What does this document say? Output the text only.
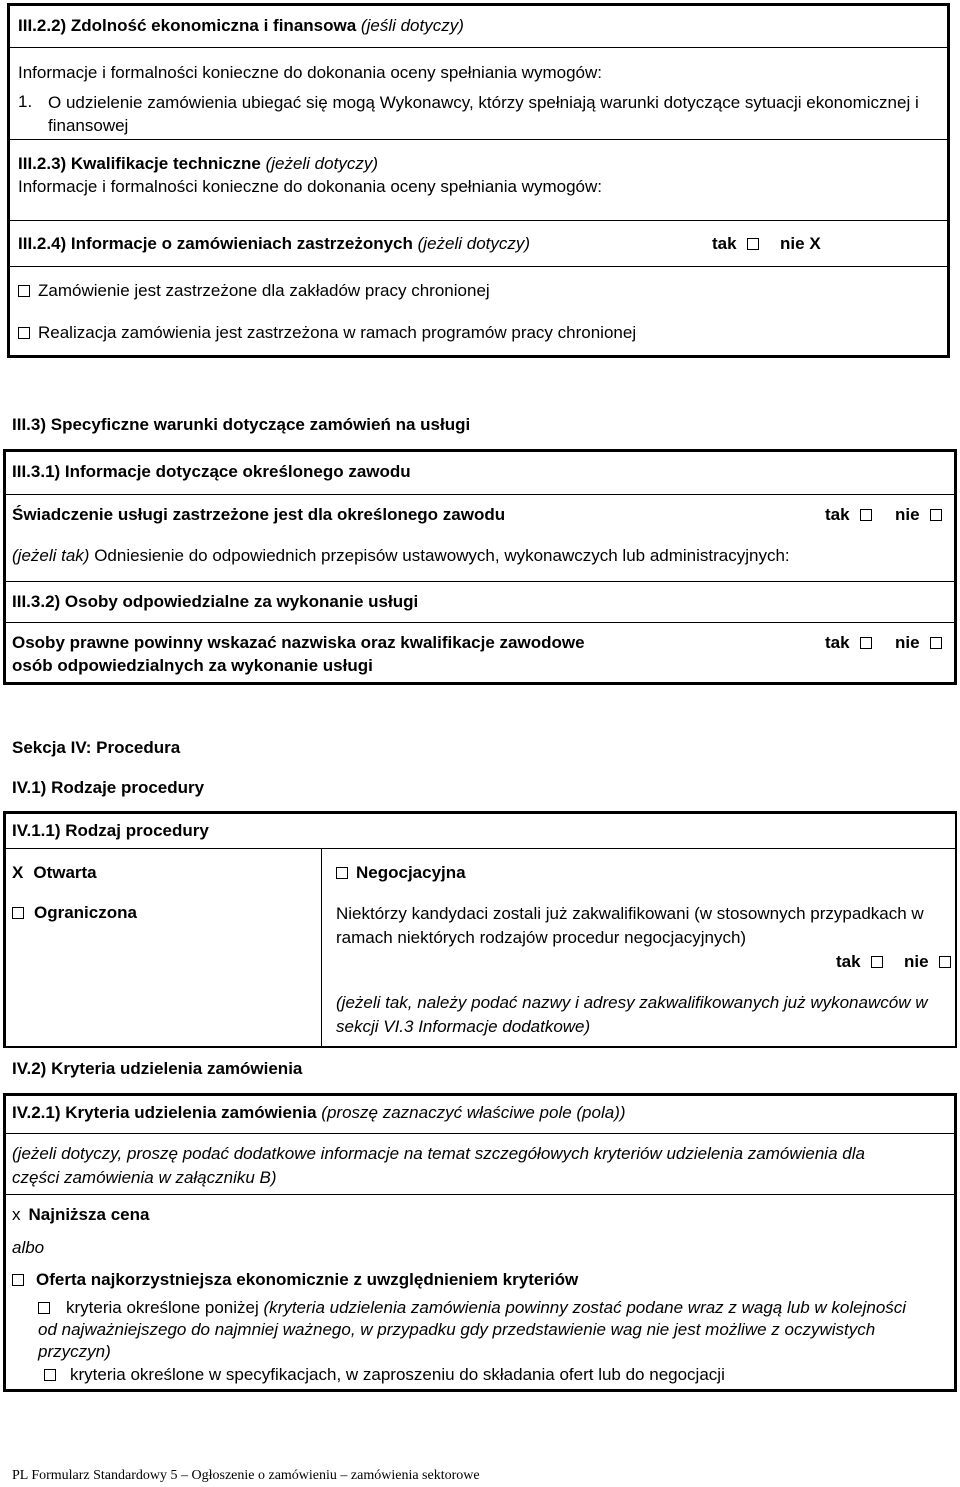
III.2.2) Zdolność ekonomiczna i finansowa (jeśli dotyczy)
Informacje i formalności konieczne do dokonania oceny spełniania wymogów:
1. O udzielenie zamówienia ubiegać się mogą Wykonawcy, którzy spełniają warunki dotyczące sytuacji ekonomicznej i finansowej
III.2.3) Kwalifikacje techniczne (jeżeli dotyczy)
Informacje i formalności konieczne do dokonania oceny spełniania wymogów:
III.2.4) Informacje o zamówieniach zastrzeżonych (jeżeli dotyczy)	tak	nie X
Zamówienie jest zastrzeżone dla zakładów pracy chronionej
Realizacja zamówienia jest zastrzeżona w ramach programów pracy chronionej
III.3) Specyficzne warunki dotyczące zamówień na usługi
III.3.1) Informacje dotyczące określonego zawodu
Świadczenie usługi zastrzeżone jest dla określonego zawodu	tak	nie
(jeżeli tak) Odniesienie do odpowiednich przepisów ustawowych, wykonawczych lub administracyjnych:
III.3.2) Osoby odpowiedzialne za wykonanie usługi
Osoby prawne powinny wskazać nazwiska oraz kwalifikacje zawodowe
osób odpowiedzialnych za wykonanie usługi
tak	nie
Sekcja IV: Procedura
IV.1) Rodzaje procedury
IV.1.1) Rodzaj procedury
X Otwarta
Ograniczona
Negocjacyjna
Niektórzy kandydaci zostali już zakwalifikowani (w stosownych przypadkach w ramach niektórych rodzajów procedur negocjacyjnych)
tak	nie
(jeżeli tak, należy podać nazwy i adresy zakwalifikowanych już wykonawców w sekcji VI.3 Informacje dodatkowe)
IV.2) Kryteria udzielenia zamówienia
IV.2.1) Kryteria udzielenia zamówienia (proszę zaznaczyć właściwe pole (pola))
(jeżeli dotyczy, proszę podać dodatkowe informacje na temat szczegółowych kryteriów udzielenia zamówienia dla części zamówienia w załączniku B)
x Najniższa cena
albo
Oferta najkorzystniejsza ekonomicznie z uwzględnieniem kryteriów
kryteria określone poniżej (kryteria udzielenia zamówienia powinny zostać podane wraz z wagą lub w kolejności od najważniejszego do najmniej ważnego, w przypadku gdy przedstawienie wag nie jest możliwe z oczywistych przyczyn)
kryteria określone w specyfikacjach, w zaproszeniu do składania ofert lub do negocjacji
PL Formularz Standardowy 5 – Ogłoszenie o zamówieniu – zamówienia sektorowe
